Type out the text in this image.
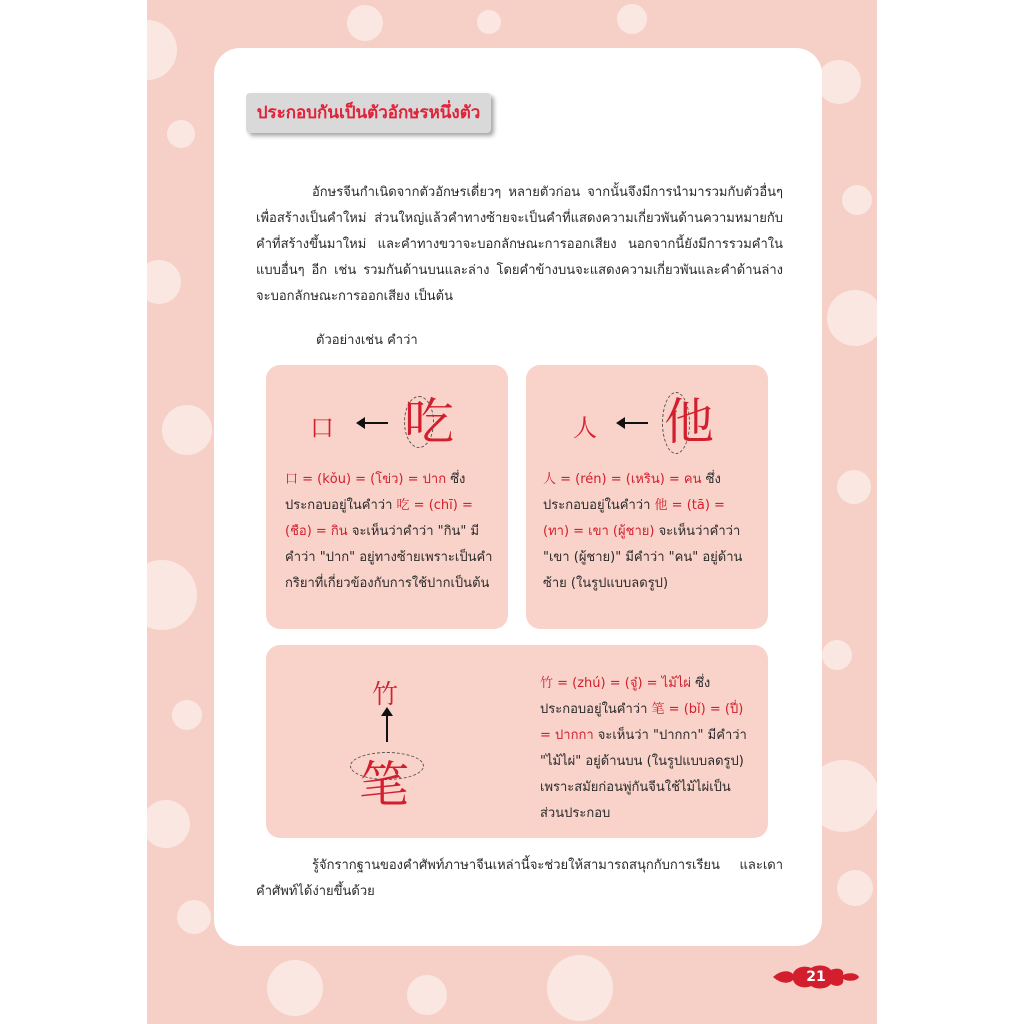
ประกอบกันเป็นตัวอักษรหนึ่งตัว

อักษรจีนกำเนิดจากตัวอักษรเดี่ยวๆ หลายตัวก่อน จากนั้นจึงมีการนำมารวมกับตัวอื่นๆ เพื่อสร้างเป็นคำใหม่ ส่วนใหญ่แล้วคำทางซ้ายจะเป็นคำที่แสดงความเกี่ยวพันด้านความหมายกับคำที่สร้างขึ้นมาใหม่ และคำทางขวาจะบอกลักษณะการออกเสียง นอกจากนี้ยังมีการรวมคำในแบบอื่นๆ อีก เช่น รวมกันด้านบนและล่าง โดยคำข้างบนจะแสดงความเกี่ยวพันและคำด้านล่างจะบอกลักษณะการออกเสียง เป็นต้น

ตัวอย่างเช่น คำว่า

口 吃

口 = (kǒu) = (โข่ว) = ปาก ซึ่งประกอบอยู่ในคำว่า 吃 = (chī) = (ชือ) = กิน จะเห็นว่าคำว่า "กิน" มีคำว่า "ปาก" อยู่ทางซ้ายเพราะเป็นคำกริยาที่เกี่ยวข้องกับการใช้ปากเป็นต้น

人 他

人 = (rén) = (เหริน) = คน ซึ่งประกอบอยู่ในคำว่า 他 = (tā) = (ทา) = เขา (ผู้ชาย) จะเห็นว่าคำว่า "เขา (ผู้ชาย)" มีคำว่า "คน" อยู่ด้านซ้าย (ในรูปแบบลดรูป)

竹
笔

竹 = (zhú) = (จู๋) = ไม้ไผ่ ซึ่งประกอบอยู่ในคำว่า 笔 = (bǐ) = (ปี่) = ปากกา จะเห็นว่า "ปากกา" มีคำว่า "ไม้ไผ่" อยู่ด้านบน (ในรูปแบบลดรูป) เพราะสมัยก่อนพู่กันจีนใช้ไม้ไผ่เป็นส่วนประกอบ

รู้จักรากฐานของคำศัพท์ภาษาจีนเหล่านี้จะช่วยให้สามารถสนุกกับการเรียน และเดาคำศัพท์ได้ง่ายขึ้นด้วย

21
